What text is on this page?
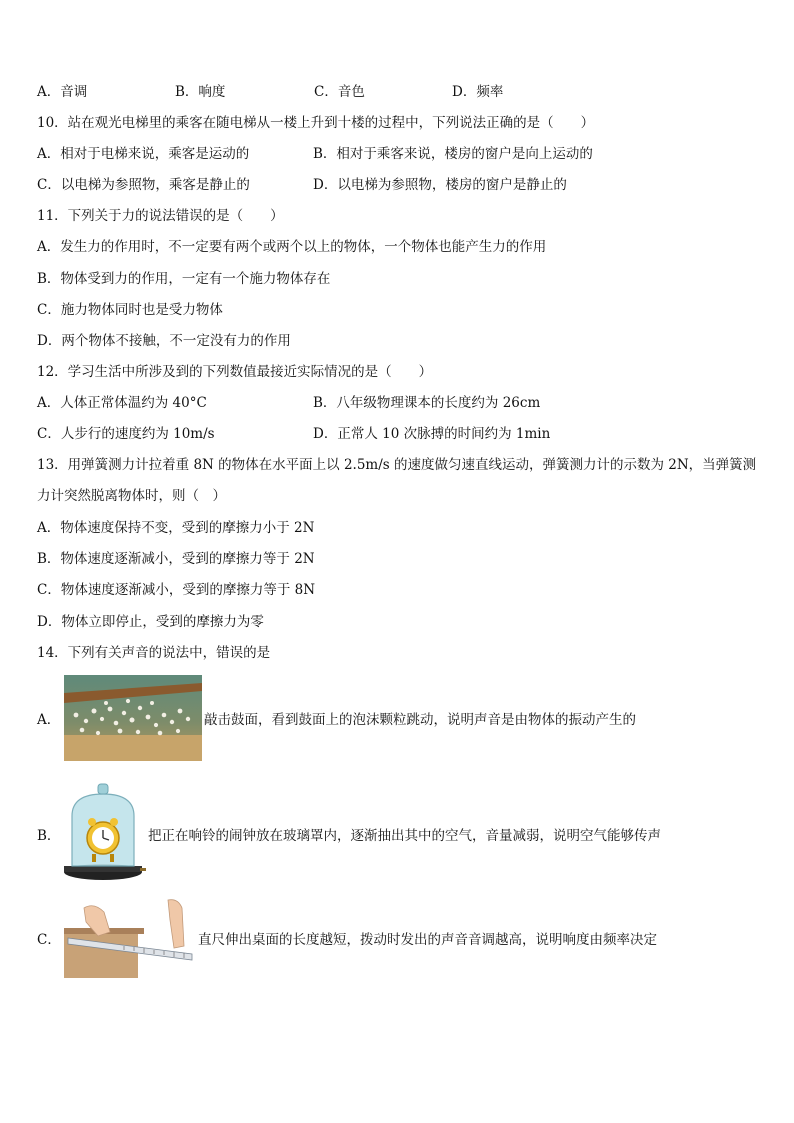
A．音调	B．响度	C．音色	D．频率
10．站在观光电梯里的乘客在随电梯从一楼上升到十楼的过程中，下列说法正确的是（　　）
A．相对于电梯来说，乘客是运动的	B．相对于乘客来说，楼房的窗户是向上运动的
C．以电梯为参照物，乘客是静止的	D．以电梯为参照物，楼房的窗户是静止的
11．下列关于力的说法错误的是（　　）
A．发生力的作用时，不一定要有两个或两个以上的物体，一个物体也能产生力的作用
B．物体受到力的作用，一定有一个施力物体存在
C．施力物体同时也是受力物体
D．两个物体不接触，不一定没有力的作用
12．学习生活中所涉及到的下列数值最接近实际情况的是（　　）
A．人体正常体温约为 40°C	B．八年级物理课本的长度约为 26cm
C．人步行的速度约为 10m/s	D．正常人 10 次脉搏的时间约为 1min
13．用弹簧测力计拉着重 8N 的物体在水平面上以 2.5m/s 的速度做匀速直线运动，弹簧测力计的示数为 2N，当弹簧测力计突然脱离物体时，则（　）
A．物体速度保持不变，受到的摩擦力小于 2N
B．物体速度逐渐减小，受到的摩擦力等于 2N
C．物体速度逐渐减小，受到的摩擦力等于 8N
D．物体立即停止，受到的摩擦力为零
14．下列有关声音的说法中，错误的是
A．	敲击鼓面，看到鼓面上的泡沫颗粒跳动，说明声音是由物体的振动产生的
B．	把正在响铃的闹钟放在玻璃罩内，逐渐抽出其中的空气，音量减弱，说明空气能够传声
C．	直尺伸出桌面的长度越短，拨动时发出的声音音调越高，说明响度由频率决定
